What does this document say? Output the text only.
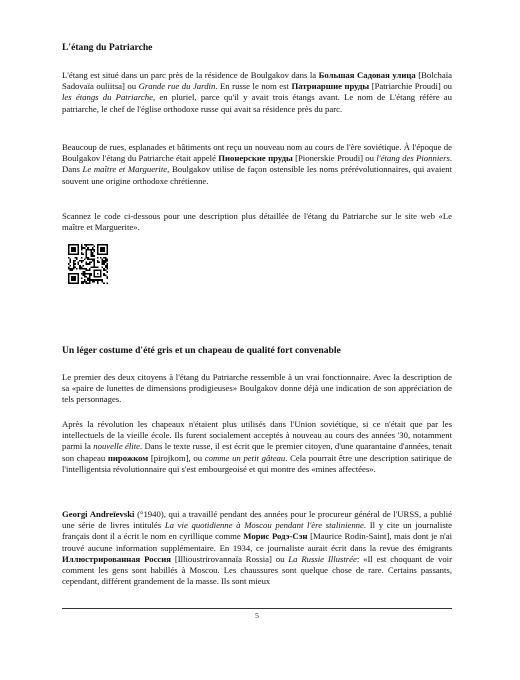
L'étang du Patriarche

L'étang est situé dans un parc près de la résidence de Boulgakov dans la Большая Садовая улица [Bolchaïa Sadovaïa ouliitsa] ou Grande rue du Jardin. En russe le nom est Патриаршие пруды [Patriarchie Proudi] ou les étangs du Patriarche, en pluriel, parce qu'il y avait trois étangs avant. Le nom de L'étang réfère au patriarche, le chef de l'église orthodoxe russe qui avait sa résidence près du parc.

Beaucoup de rues, esplanades et bâtiments ont reçu un nouveau nom au cours de l'ère soviétique. À l'époque de Boulgakov l'étang du Patriarche était appelé Пионерские пруды [Pionerskie Proudi] ou l'étang des Pionniers. Dans Le maître et Marguerite, Boulgakov utilise de façon ostensible les noms prérévolutionnaires, qui avaient souvent une origine orthodoxe chrétienne.

Scannez le code ci-dessous pour une description plus détaillée de l'étang du Patriarche sur le site web «Le maître et Marguerite».

Un léger costume d'été gris et un chapeau de qualité fort convenable

Le premier des deux citoyens à l'étang du Patriarche ressemble à un vrai fonctionnaire. Avec la description de sa «paire de lunettes de dimensions prodigieuses» Boulgakov donne déjà une indication de son appréciation de tels personnages.

Après la révolution les chapeaux n'étaient plus utilisés dans l'Union soviétique, si ce n'était que par les intellectuels de la vieille école. Ils furent socialement acceptés à nouveau au cours des années '30, notamment parmi la nouvelle élite. Dans le texte russe, il est écrit que le premier citoyen, d'une quarantaine d'années, tenait son chapeau пирожком [pirojkom], ou comme un petit gâteau. Cela pourrait être une description satirique de l'intelligentsia révolutionnaire qui s'est embourgeoisé et qui montre des «mines affectées».

Georgi Andreïevski (°1940), qui a travaillé pendant des années pour le procureur général de l'URSS, a publié une série de livres intitulés La vie quotidienne à Moscou pendant l'ère stalinienne. Il y cite un journaliste français dont il a écrit le nom en cyrillique comme Морис Родэ-Сэн [Maurice Rodin-Saint], mais dont je n'ai trouvé aucune information supplémentaire. En 1934, ce journaliste aurait écrit dans la revue des émigrants Иллюстрированная Россия [Illioustrirovannaïa Rossia] ou La Russie Illustrée: «Il est choquant de voir comment les gens sont habillés à Moscou. Les chaussures sont quelque chose de rare. Certains passants, cependant, différent grandement de la masse. Ils sont mieux

5
